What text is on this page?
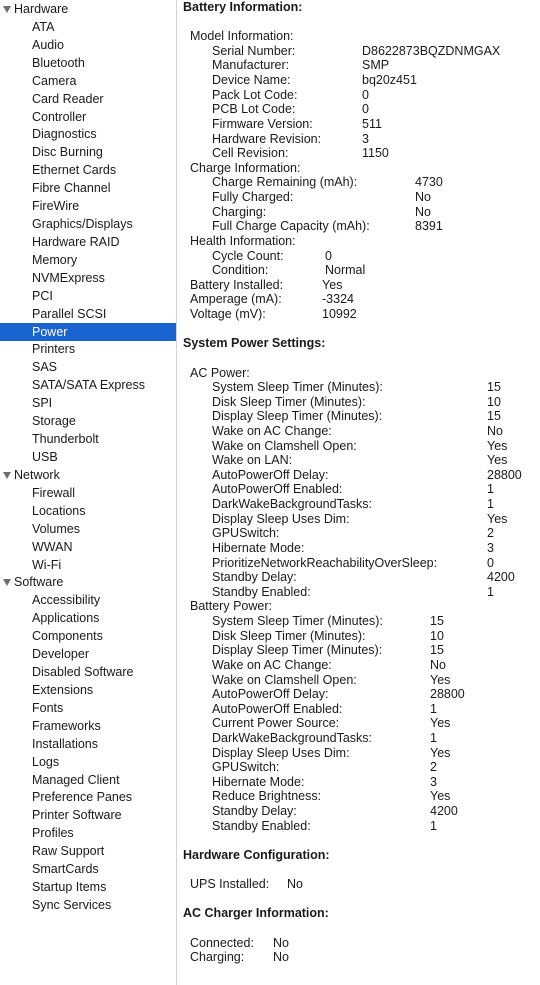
Hardware
ATA
Audio
Bluetooth
Camera
Card Reader
Controller
Diagnostics
Disc Burning
Ethernet Cards
Fibre Channel
FireWire
Graphics/Displays
Hardware RAID
Memory
NVMExpress
PCI
Parallel SCSI
Power
Printers
SAS
SATA/SATA Express
SPI
Storage
Thunderbolt
USB
Network
Firewall
Locations
Volumes
WWAN
Wi-Fi
Software
Accessibility
Applications
Components
Developer
Disabled Software
Extensions
Fonts
Frameworks
Installations
Logs
Managed Client
Preference Panes
Printer Software
Profiles
Raw Support
SmartCards
Startup Items
Sync Services
Battery Information:
Model Information:
Serial Number:	D8622873BQZDNMGAX
Manufacturer:	SMP
Device Name:	bq20z451
Pack Lot Code:	0
PCB Lot Code:	0
Firmware Version:	511
Hardware Revision:	3
Cell Revision:	1150
Charge Information:
Charge Remaining (mAh):	4730
Fully Charged:	No
Charging:	No
Full Charge Capacity (mAh):	8391
Health Information:
Cycle Count:	0
Condition:	Normal
Battery Installed:	Yes
Amperage (mA):	-3324
Voltage (mV):	10992
System Power Settings:
AC Power:
System Sleep Timer (Minutes):	15
Disk Sleep Timer (Minutes):	10
Display Sleep Timer (Minutes):	15
Wake on AC Change:	No
Wake on Clamshell Open:	Yes
Wake on LAN:	Yes
AutoPowerOff Delay:	28800
AutoPowerOff Enabled:	1
DarkWakeBackgroundTasks:	1
Display Sleep Uses Dim:	Yes
GPUSwitch:	2
Hibernate Mode:	3
PrioritizeNetworkReachabilityOverSleep:	0
Standby Delay:	4200
Standby Enabled:	1
Battery Power:
System Sleep Timer (Minutes):	15
Disk Sleep Timer (Minutes):	10
Display Sleep Timer (Minutes):	15
Wake on AC Change:	No
Wake on Clamshell Open:	Yes
AutoPowerOff Delay:	28800
AutoPowerOff Enabled:	1
Current Power Source:	Yes
DarkWakeBackgroundTasks:	1
Display Sleep Uses Dim:	Yes
GPUSwitch:	2
Hibernate Mode:	3
Reduce Brightness:	Yes
Standby Delay:	4200
Standby Enabled:	1
Hardware Configuration:
UPS Installed: No
AC Charger Information:
Connected: No
Charging: No
